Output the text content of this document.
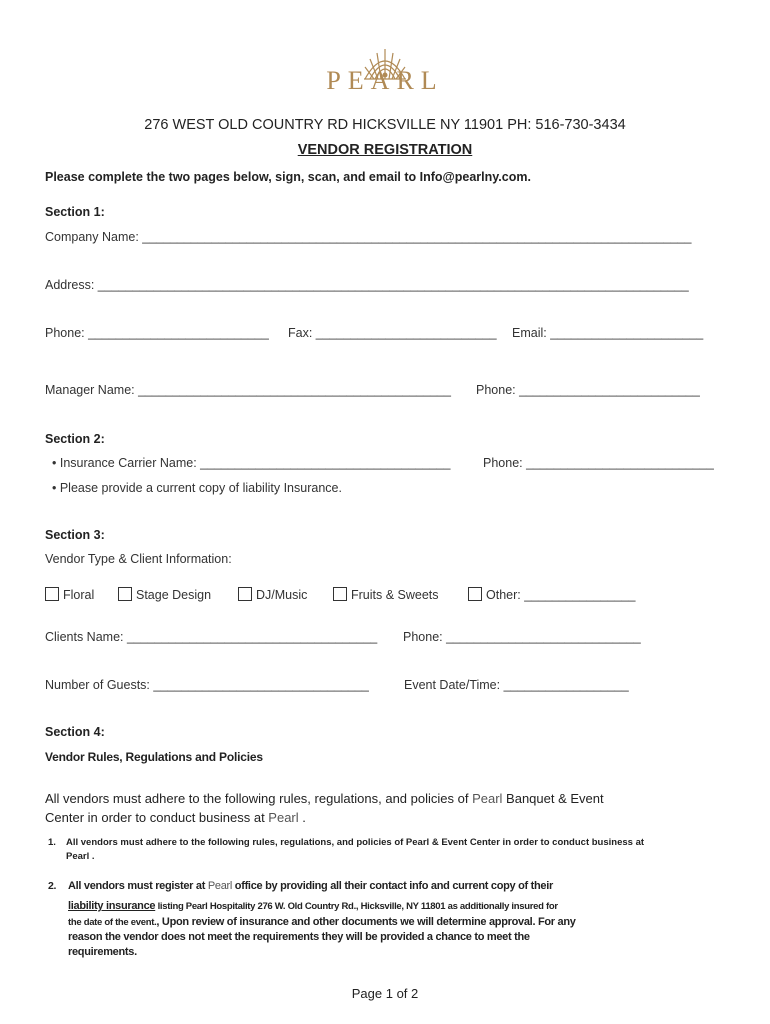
PEARL
276 WEST OLD COUNTRY RD HICKSVILLE NY 11901 PH: 516-730-3434
VENDOR REGISTRATION
Please complete the two pages below, sign, scan, and email to Info@pearlny.com.
Section 1:
Company Name: _______________________________________________________________________________
Address: _____________________________________________________________________________________
Phone: __________________________ Fax: __________________________ Email: ______________________
Manager Name: _____________________________________________ Phone: __________________________
Section 2:
• Insurance Carrier Name: ____________________________________	Phone: ___________________________
• Please provide a current copy of liability Insurance.
Section 3:
Vendor Type & Client Information:
Floral	Stage Design	DJ/Music	Fruits & Sweets	Other: ________________
Clients Name: ____________________________________ Phone: ____________________________
Number of Guests: _______________________________	Event Date/Time: __________________
Section 4:
Vendor Rules, Regulations and Policies
All vendors must adhere to the following rules, regulations, and policies of Pearl Banquet & Event
Center in order to conduct business at Pearl .
1. All vendors must adhere to the following rules, regulations, and policies of Pearl & Event Center in order to conduct business at
Pearl .
2. All vendors must register at Pearl office by providing all their contact info and current copy of their
liability insurance listing Pearl Hospitality 276 W. Old Country Rd., Hicksville, NY 11801 as additionally insured for
the date of the event., Upon review of insurance and other documents we will determine approval. For any
reason the vendor does not meet the requirements they will be provided a chance to meet the
requirements.
Page 1 of 2
